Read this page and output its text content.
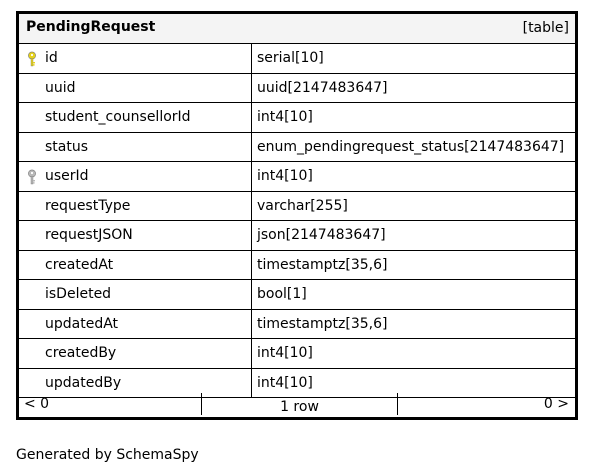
PendingRequest	[table]
id	serial[10]
uuid	uuid[2147483647]
student_counsellorId	int4[10]
status	enum_pendingrequest_status[2147483647]
userId	int4[10]
requestType	varchar[255]
requestJSON	json[2147483647]
createdAt	timestamptz[35,6]
isDeleted	bool[1]
updatedAt	timestamptz[35,6]
createdBy	int4[10]
updatedBy	int4[10]
< 0	1 row	0 >
Generated by SchemaSpy
